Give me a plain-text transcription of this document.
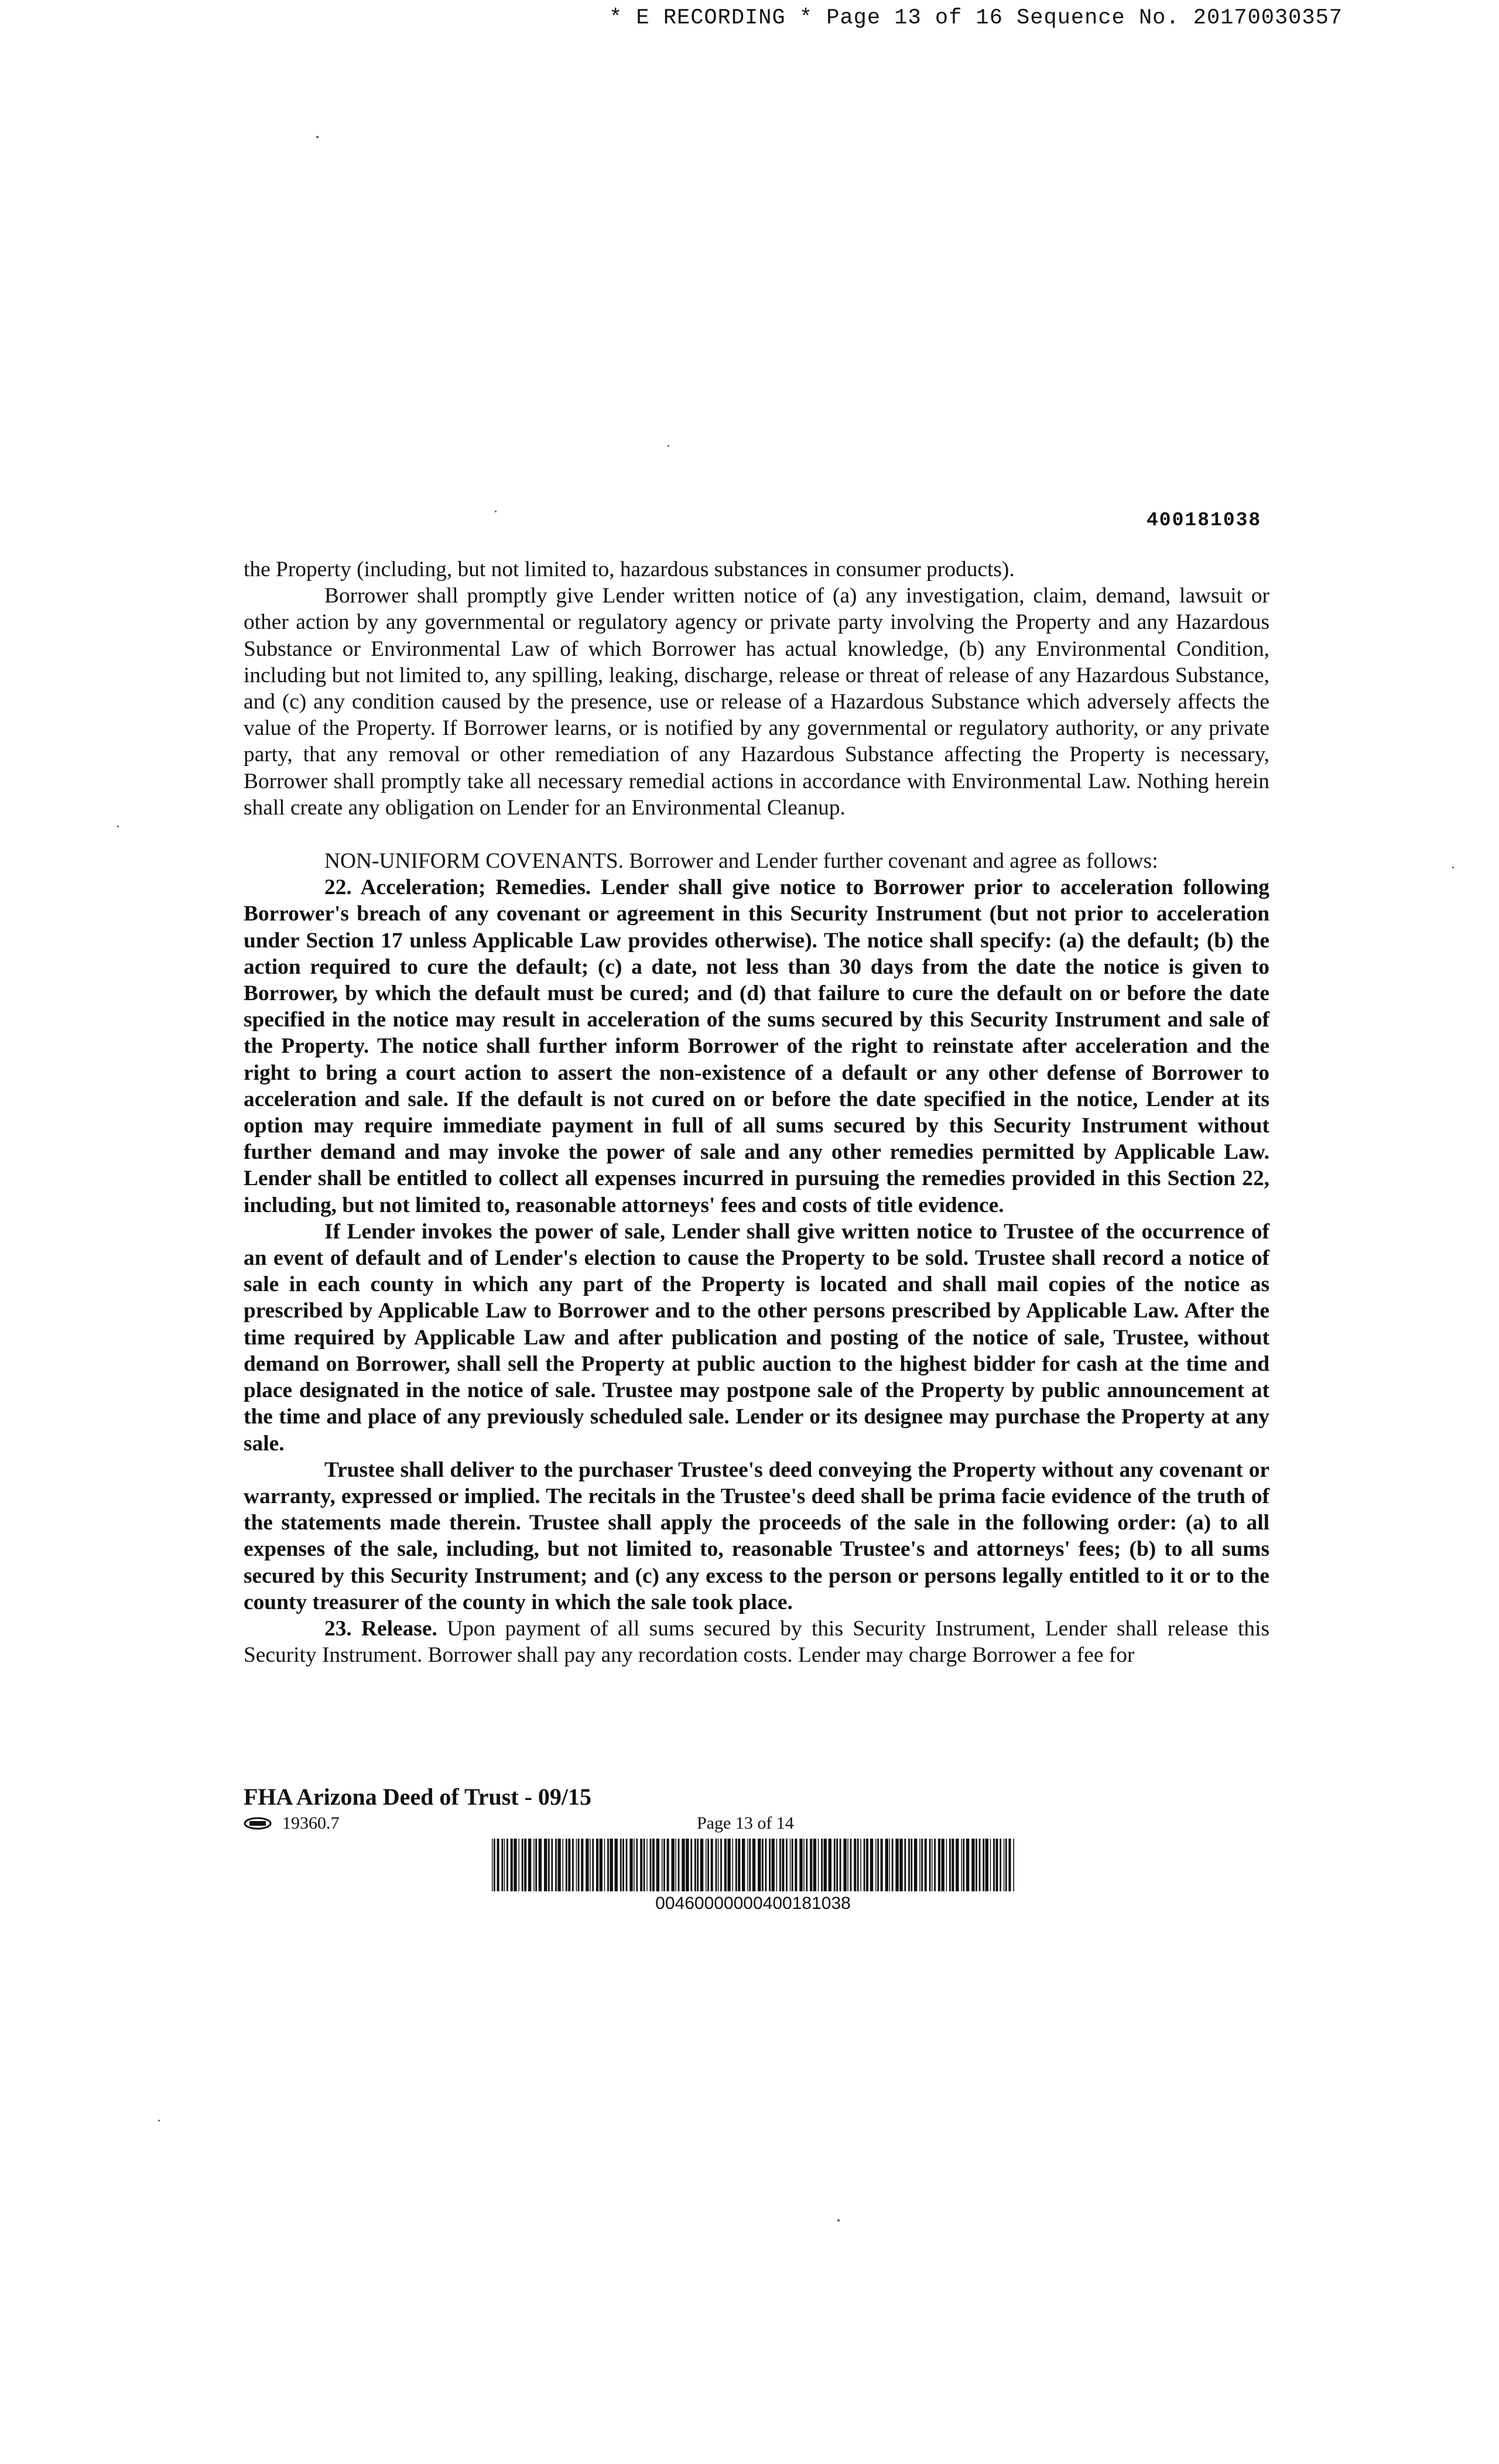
* E RECORDING * Page 13 of 16 Sequence No. 20170030357
400181038

the Property (including, but not limited to, hazardous substances in consumer products).

Borrower shall promptly give Lender written notice of (a) any investigation, claim, demand, lawsuit or other action by any governmental or regulatory agency or private party involving the Property and any Hazardous Substance or Environmental Law of which Borrower has actual knowledge, (b) any Environmental Condition, including but not limited to, any spilling, leaking, discharge, release or threat of release of any Hazardous Substance, and (c) any condition caused by the presence, use or release of a Hazardous Substance which adversely affects the value of the Property. If Borrower learns, or is notified by any governmental or regulatory authority, or any private party, that any removal or other remediation of any Hazardous Substance affecting the Property is necessary, Borrower shall promptly take all necessary remedial actions in accordance with Environmental Law. Nothing herein shall create any obligation on Lender for an Environmental Cleanup.

NON-UNIFORM COVENANTS. Borrower and Lender further covenant and agree as follows:

22. Acceleration; Remedies. Lender shall give notice to Borrower prior to acceleration following Borrower's breach of any covenant or agreement in this Security Instrument (but not prior to acceleration under Section 17 unless Applicable Law provides otherwise). The notice shall specify: (a) the default; (b) the action required to cure the default; (c) a date, not less than 30 days from the date the notice is given to Borrower, by which the default must be cured; and (d) that failure to cure the default on or before the date specified in the notice may result in acceleration of the sums secured by this Security Instrument and sale of the Property. The notice shall further inform Borrower of the right to reinstate after acceleration and the right to bring a court action to assert the non-existence of a default or any other defense of Borrower to acceleration and sale. If the default is not cured on or before the date specified in the notice, Lender at its option may require immediate payment in full of all sums secured by this Security Instrument without further demand and may invoke the power of sale and any other remedies permitted by Applicable Law. Lender shall be entitled to collect all expenses incurred in pursuing the remedies provided in this Section 22, including, but not limited to, reasonable attorneys' fees and costs of title evidence.

If Lender invokes the power of sale, Lender shall give written notice to Trustee of the occurrence of an event of default and of Lender's election to cause the Property to be sold. Trustee shall record a notice of sale in each county in which any part of the Property is located and shall mail copies of the notice as prescribed by Applicable Law to Borrower and to the other persons prescribed by Applicable Law. After the time required by Applicable Law and after publication and posting of the notice of sale, Trustee, without demand on Borrower, shall sell the Property at public auction to the highest bidder for cash at the time and place designated in the notice of sale. Trustee may postpone sale of the Property by public announcement at the time and place of any previously scheduled sale. Lender or its designee may purchase the Property at any sale.

Trustee shall deliver to the purchaser Trustee's deed conveying the Property without any covenant or warranty, expressed or implied. The recitals in the Trustee's deed shall be prima facie evidence of the truth of the statements made therein. Trustee shall apply the proceeds of the sale in the following order: (a) to all expenses of the sale, including, but not limited to, reasonable Trustee's and attorneys' fees; (b) to all sums secured by this Security Instrument; and (c) any excess to the person or persons legally entitled to it or to the county treasurer of the county in which the sale took place.

23. Release. Upon payment of all sums secured by this Security Instrument, Lender shall release this Security Instrument. Borrower shall pay any recordation costs. Lender may charge Borrower a fee for

FHA Arizona Deed of Trust - 09/15
19360.7	Page 13 of 14
00460000000400181038
